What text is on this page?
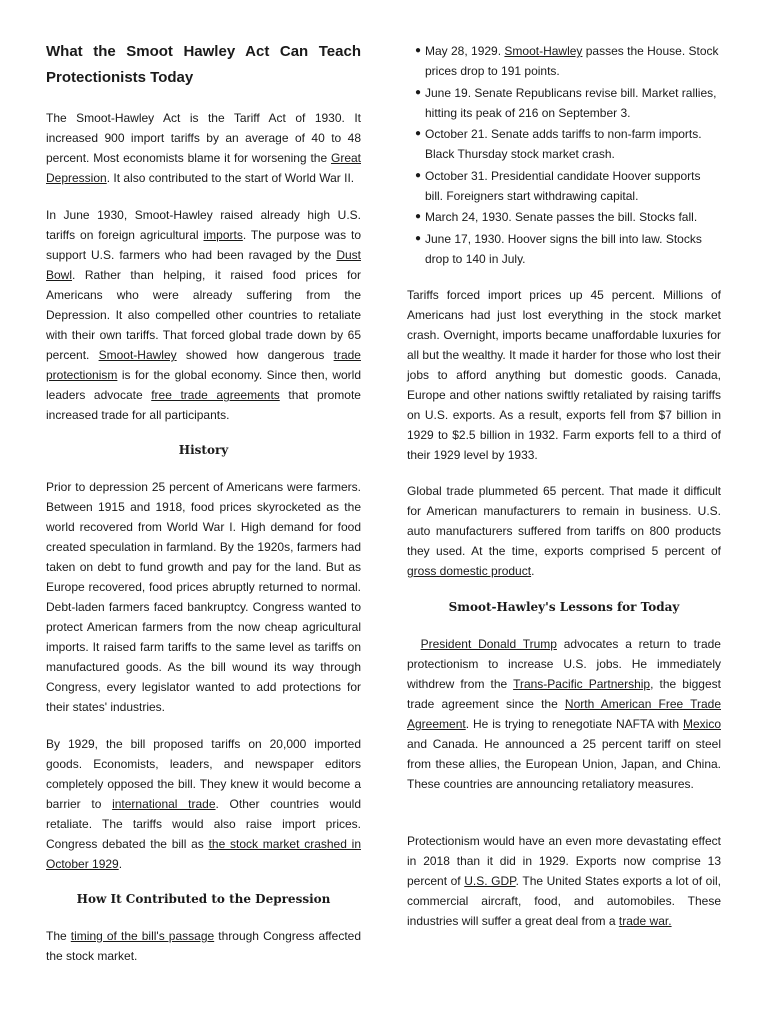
What the Smoot Hawley Act Can Teach Protectionists Today

The Smoot-Hawley Act is the Tariff Act of 1930. It increased 900 import tariffs by an average of 40 to 48 percent. Most economists blame it for worsening the Great Depression. It also contributed to the start of World War II.

In June 1930, Smoot-Hawley raised already high U.S. tariffs on foreign agricultural imports. The purpose was to support U.S. farmers who had been ravaged by the Dust Bowl. Rather than helping, it raised food prices for Americans who were already suffering from the Depression. It also compelled other countries to retaliate with their own tariffs. That forced global trade down by 65 percent. Smoot-Hawley showed how dangerous trade protectionism is for the global economy. Since then, world leaders advocate free trade agreements that promote increased trade for all participants.

History

Prior to depression 25 percent of Americans were farmers. Between 1915 and 1918, food prices skyrocketed as the world recovered from World War I. High demand for food created speculation in farmland. By the 1920s, farmers had taken on debt to fund growth and pay for the land. But as Europe recovered, food prices abruptly returned to normal. Debt-laden farmers faced bankruptcy. Congress wanted to protect American farmers from the now cheap agricultural imports. It raised farm tariffs to the same level as tariffs on manufactured goods. As the bill wound its way through Congress, every legislator wanted to add protections for their states' industries.

By 1929, the bill proposed tariffs on 20,000 imported goods. Economists, leaders, and newspaper editors completely opposed the bill. They knew it would become a barrier to international trade. Other countries would retaliate. The tariffs would also raise import prices. Congress debated the bill as the stock market crashed in October 1929.

How It Contributed to the Depression

The timing of the bill's passage through Congress affected the stock market.

● May 28, 1929. Smoot-Hawley passes the House. Stock prices drop to 191 points.
● June 19. Senate Republicans revise bill. Market rallies, hitting its peak of 216 on September 3.
● October 21. Senate adds tariffs to non-farm imports. Black Thursday stock market crash.
● October 31. Presidential candidate Hoover supports bill. Foreigners start withdrawing capital.
● March 24, 1930. Senate passes the bill. Stocks fall.
● June 17, 1930. Hoover signs the bill into law. Stocks drop to 140 in July.

Tariffs forced import prices up 45 percent. Millions of Americans had just lost everything in the stock market crash. Overnight, imports became unaffordable luxuries for all but the wealthy. It made it harder for those who lost their jobs to afford anything but domestic goods. Canada, Europe and other nations swiftly retaliated by raising tariffs on U.S. exports. As a result, exports fell from $7 billion in 1929 to $2.5 billion in 1932. Farm exports fell to a third of their 1929 level by 1933.

Global trade plummeted 65 percent. That made it difficult for American manufacturers to remain in business. U.S. auto manufacturers suffered from tariffs on 800 products they used. At the time, exports comprised 5 percent of gross domestic product.

Smoot-Hawley's Lessons for Today

President Donald Trump advocates a return to trade protectionism to increase U.S. jobs. He immediately withdrew from the Trans-Pacific Partnership, the biggest trade agreement since the North American Free Trade Agreement. He is trying to renegotiate NAFTA with Mexico and Canada. He announced a 25 percent tariff on steel from these allies, the European Union, Japan, and China. These countries are announcing retaliatory measures.

Protectionism would have an even more devastating effect in 2018 than it did in 1929. Exports now comprise 13 percent of U.S. GDP. The United States exports a lot of oil, commercial aircraft, food, and automobiles. These industries will suffer a great deal from a trade war.
